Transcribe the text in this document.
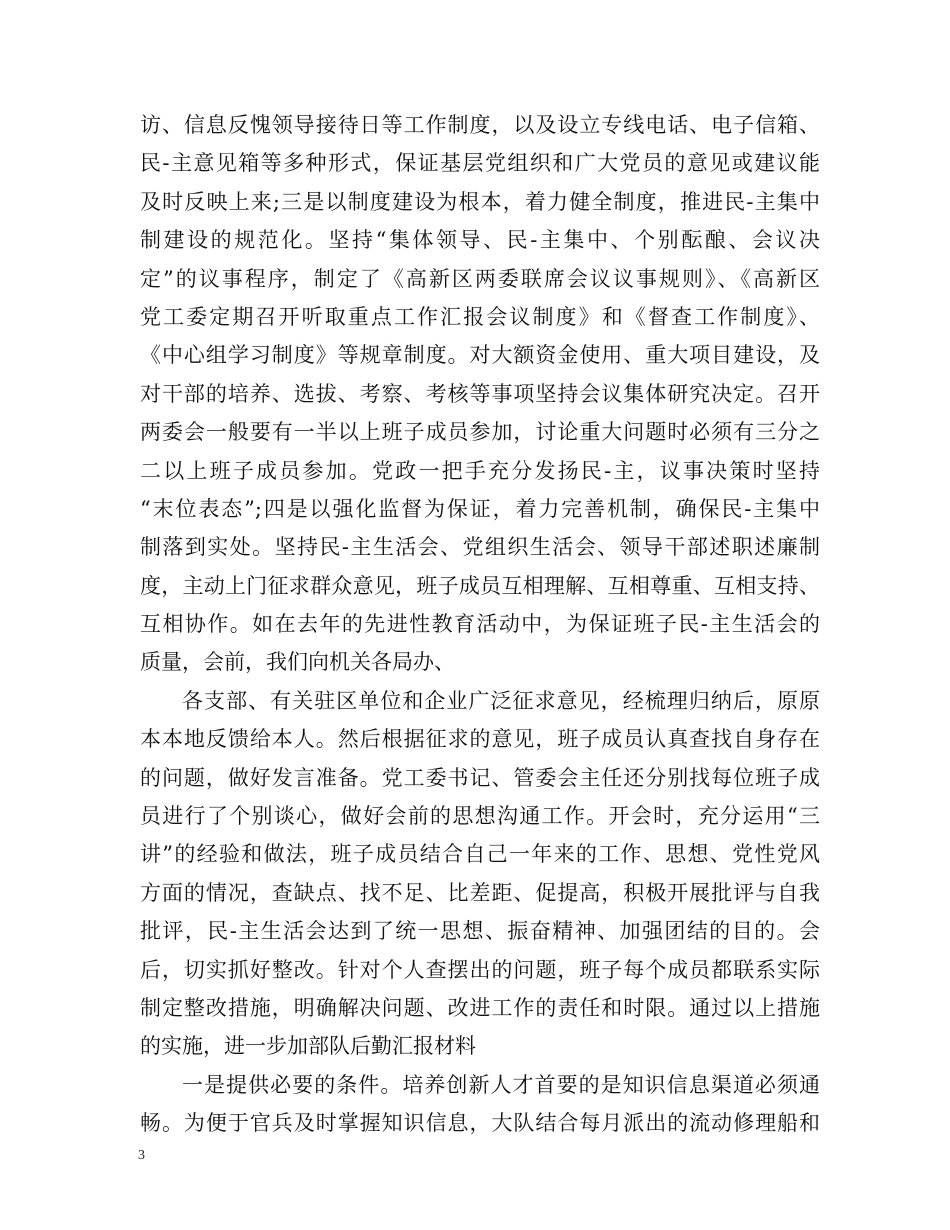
访、信息反愧领导接待日等工作制度，以及设立专线电话、电子信箱、
民-主意见箱等多种形式，保证基层党组织和广大党员的意见或建议能
及时反映上来;三是以制度建设为根本，着力健全制度，推进民-主集中
制建设的规范化。坚持“集体领导、民-主集中、个别酝酿、会议决
定”的议事程序，制定了《高新区两委联席会议议事规则》、《高新区
党工委定期召开听取重点工作汇报会议制度》和《督查工作制度》、
《中心组学习制度》等规章制度。对大额资金使用、重大项目建设，及
对干部的培养、选拔、考察、考核等事项坚持会议集体研究决定。召开
两委会一般要有一半以上班子成员参加，讨论重大问题时必须有三分之
二以上班子成员参加。党政一把手充分发扬民-主，议事决策时坚持
“末位表态”;四是以强化监督为保证，着力完善机制，确保民-主集中
制落到实处。坚持民-主生活会、党组织生活会、领导干部述职述廉制
度，主动上门征求群众意见，班子成员互相理解、互相尊重、互相支持、
互相协作。如在去年的先进性教育活动中，为保证班子民-主生活会的
质量，会前，我们向机关各局办、
各支部、有关驻区单位和企业广泛征求意见，经梳理归纳后，原原
本本地反馈给本人。然后根据征求的意见，班子成员认真查找自身存在
的问题，做好发言准备。党工委书记、管委会主任还分别找每位班子成
员进行了个别谈心，做好会前的思想沟通工作。开会时，充分运用“三
讲”的经验和做法，班子成员结合自己一年来的工作、思想、党性党风
方面的情况，查缺点、找不足、比差距、促提高，积极开展批评与自我
批评，民-主生活会达到了统一思想、振奋精神、加强团结的目的。会
后，切实抓好整改。针对个人查摆出的问题，班子每个成员都联系实际
制定整改措施，明确解决问题、改进工作的责任和时限。通过以上措施
的实施，进一步加部队后勤汇报材料
一是提供必要的条件。培养创新人才首要的是知识信息渠道必须通
畅。为便于官兵及时掌握知识信息，大队结合每月派出的流动修理船和
3
